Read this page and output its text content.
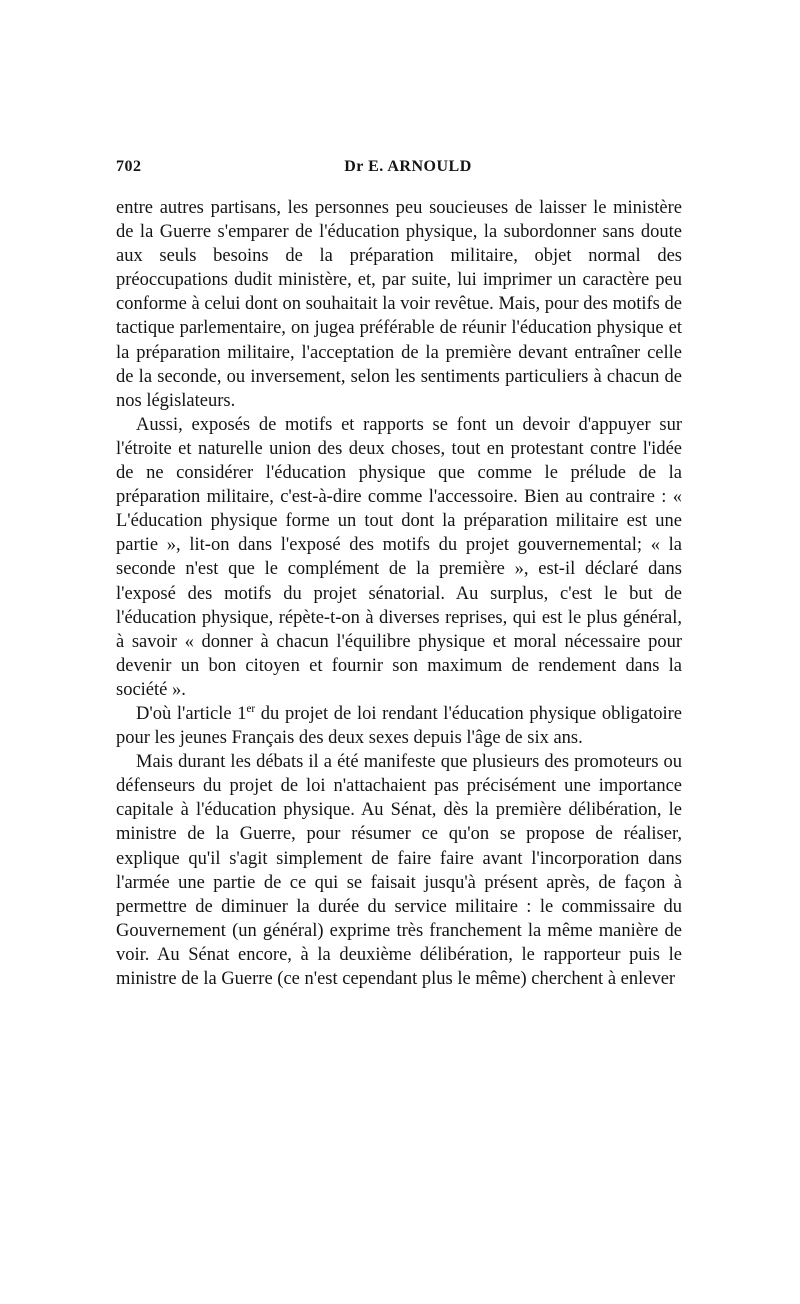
702	Dr E. ARNOULD

entre autres partisans, les personnes peu soucieuses de laisser le ministère de la Guerre s'emparer de l'éducation physique, la subordonner sans doute aux seuls besoins de la préparation militaire, objet normal des préoccupations dudit ministère, et, par suite, lui imprimer un caractère peu conforme à celui dont on souhaitait la voir revêtue. Mais, pour des motifs de tactique parlementaire, on jugea préférable de réunir l'éducation physique et la préparation militaire, l'acceptation de la première devant entraîner celle de la seconde, ou inversement, selon les sentiments particuliers à chacun de nos législateurs.

Aussi, exposés de motifs et rapports se font un devoir d'appuyer sur l'étroite et naturelle union des deux choses, tout en protestant contre l'idée de ne considérer l'éducation physique que comme le prélude de la préparation militaire, c'est-à-dire comme l'accessoire. Bien au contraire : « L'éducation physique forme un tout dont la préparation militaire est une partie », lit-on dans l'exposé des motifs du projet gouvernemental; « la seconde n'est que le complément de la première », est-il déclaré dans l'exposé des motifs du projet sénatorial. Au surplus, c'est le but de l'éducation physique, répète-t-on à diverses reprises, qui est le plus général, à savoir « donner à chacun l'équilibre physique et moral nécessaire pour devenir un bon citoyen et fournir son maximum de rendement dans la société ».

D'où l'article 1er du projet de loi rendant l'éducation physique obligatoire pour les jeunes Français des deux sexes depuis l'âge de six ans.

Mais durant les débats il a été manifeste que plusieurs des promoteurs ou défenseurs du projet de loi n'attachaient pas précisément une importance capitale à l'éducation physique. Au Sénat, dès la première délibération, le ministre de la Guerre, pour résumer ce qu'on se propose de réaliser, explique qu'il s'agit simplement de faire faire avant l'incorporation dans l'armée une partie de ce qui se faisait jusqu'à présent après, de façon à permettre de diminuer la durée du service militaire : le commissaire du Gouvernement (un général) exprime très franchement la même manière de voir. Au Sénat encore, à la deuxième délibération, le rapporteur puis le ministre de la Guerre (ce n'est cependant plus le même) cherchent à enlever
